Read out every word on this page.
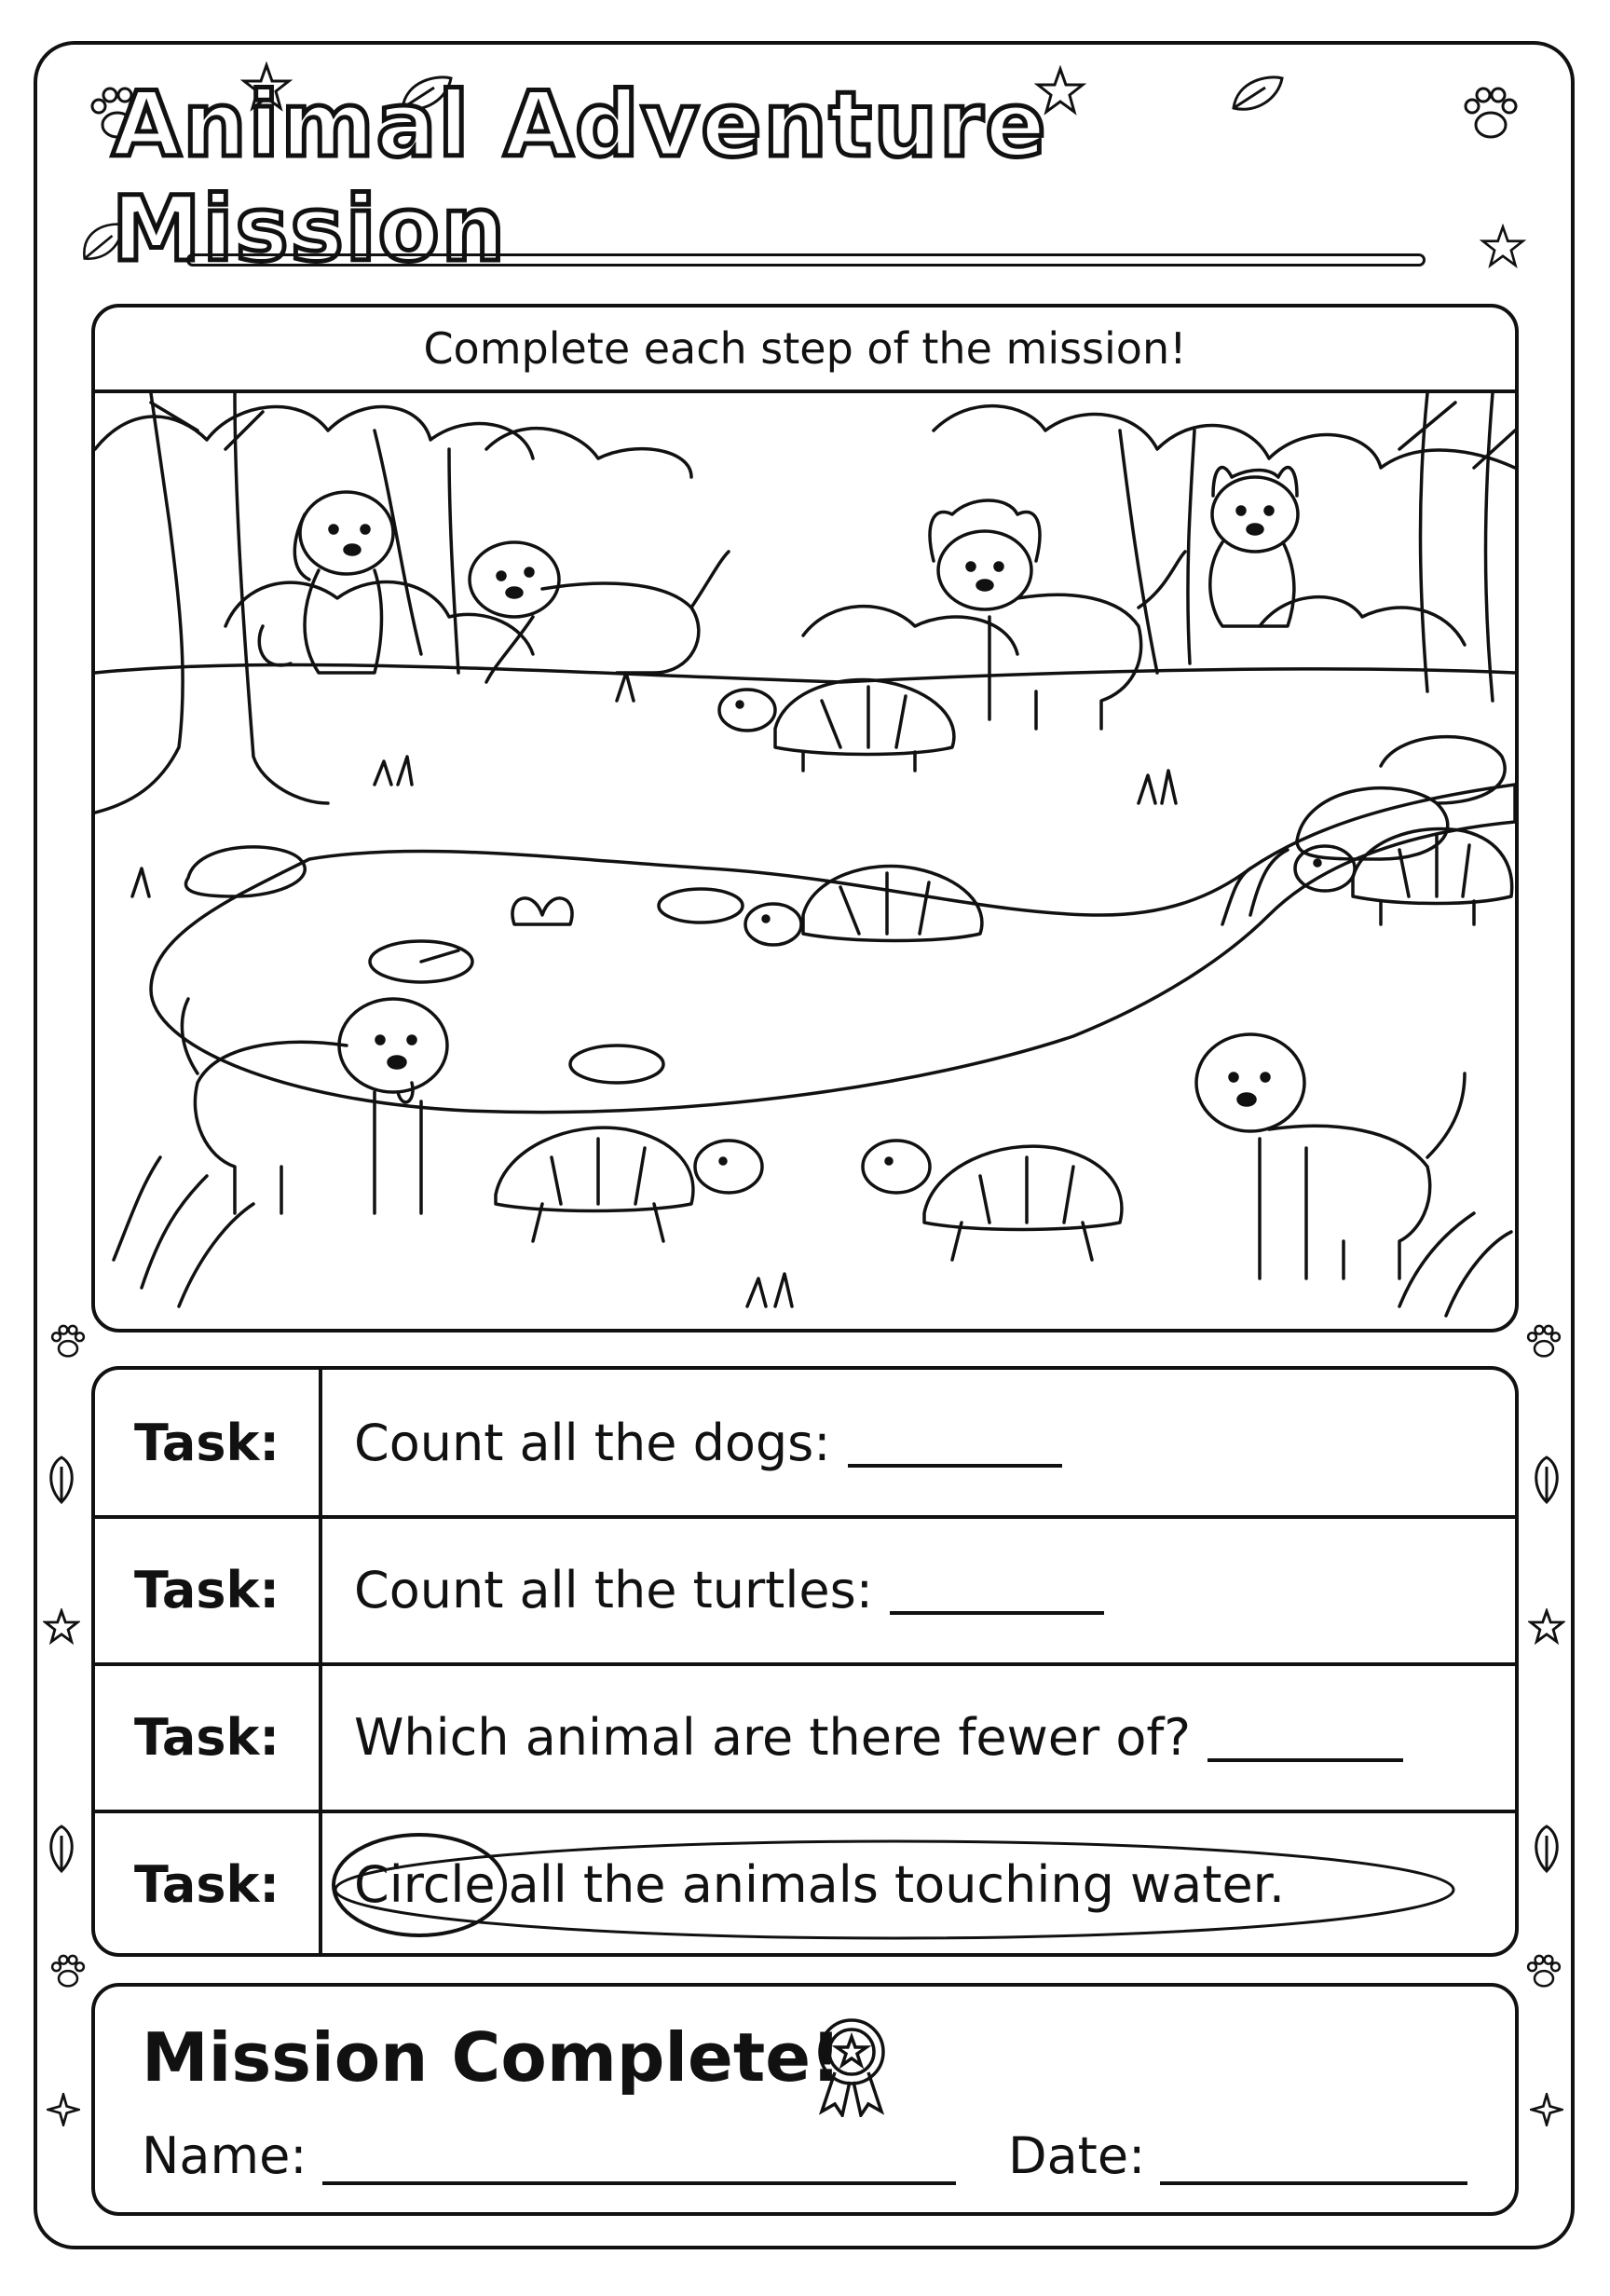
Animal Adventure Mission
Complete each step of the mission!
Task:	Count all the dogs:
Task:	Count all the turtles:
Task:	Which animal are there fewer of?
Task:	Circle all the animals touching water.
Mission Complete!
Name:	Date:
